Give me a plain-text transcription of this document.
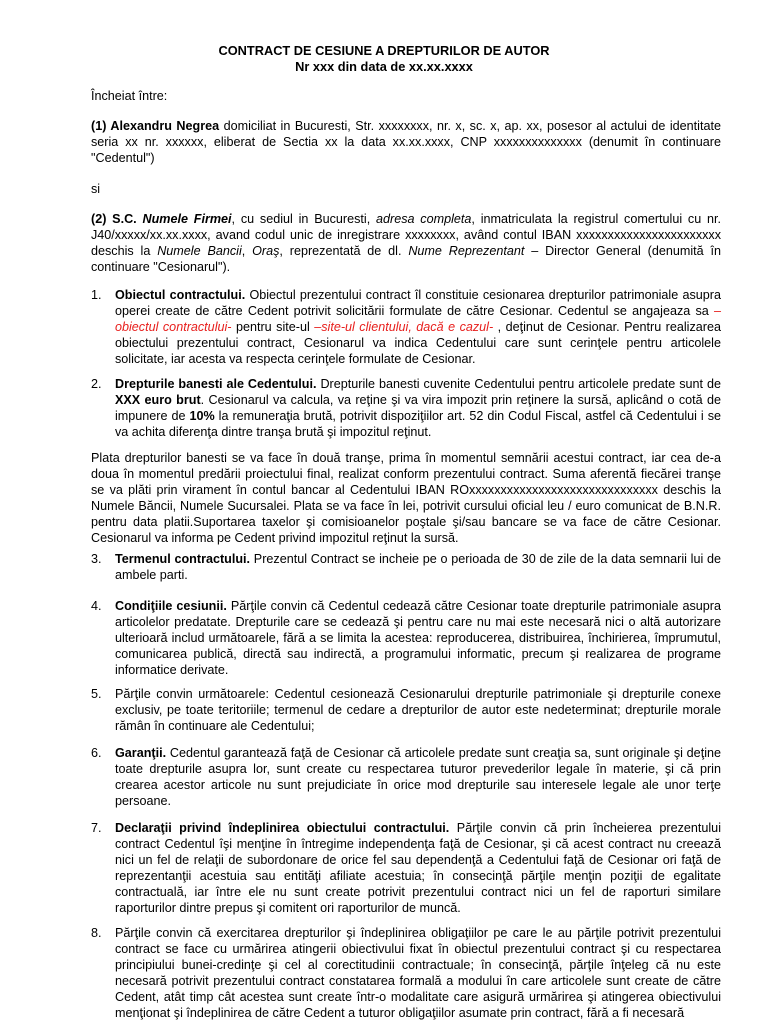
CONTRACT DE CESIUNE A DREPTURILOR DE AUTOR
Nr xxx din data de xx.xx.xxxx

Încheiat între:

(1) Alexandru Negrea domiciliat in Bucuresti, Str. xxxxxxxx, nr. x, sc. x, ap. xx, posesor al actului de identitate seria xx nr. xxxxxx, eliberat de Sectia xx la data xx.xx.xxxx, CNP xxxxxxxxxxxxxx (denumit în continuare "Cedentul")

si

(2) S.C. Numele Firmei, cu sediul in Bucuresti, adresa completa, inmatriculata la registrul comertului cu nr. J40/xxxxx/xx.xx.xxxx, avand codul unic de inregistrare xxxxxxxx, având contul IBAN xxxxxxxxxxxxxxxxxxxxxxx deschis la Numele Bancii, Oraş, reprezentată de dl. Nume Reprezentant – Director General (denumită în continuare "Cesionarul").

1.	Obiectul contractului. Obiectul prezentului contract îl constituie cesionarea drepturilor patrimoniale asupra operei create de către Cedent potrivit solicitării formulate de către Cesionar. Cedentul se angajeaza sa –obiectul contractului- pentru site-ul –site-ul clientului, dacă e cazul- , deţinut de Cesionar. Pentru realizarea obiectului prezentului contract, Cesionarul va indica Cedentului care sunt cerinţele pentru articolele solicitate, iar acesta va respecta cerinţele formulate de Cesionar.
2.	Drepturile banesti ale Cedentului. Drepturile banesti cuvenite Cedentului pentru articolele predate sunt de XXX euro brut. Cesionarul va calcula, va reţine şi va vira impozit prin reţinere la sursă, aplicând o cotă de impunere de 10% la remuneraţia brută, potrivit dispoziţiilor art. 52 din Codul Fiscal, astfel că Cedentului i se va achita diferenţa dintre tranşa brută şi impozitul reţinut.

Plata drepturilor banesti se va face în două tranşe, prima în momentul semnării acestui contract, iar cea de-a doua în momentul predării proiectului final, realizat conform prezentului contract. Suma aferentă fiecărei tranşe se va plăti prin virament în contul bancar al Cedentului IBAN ROxxxxxxxxxxxxxxxxxxxxxxxxxxxxxx deschis la Numele Băncii, Numele Sucursalei. Plata se va face în lei, potrivit cursului oficial leu / euro comunicat de B.N.R. pentru data platii.Suportarea taxelor şi comisioanelor poştale şi/sau bancare se va face de către Cesionar. Cesionarul va informa pe Cedent privind impozitul reţinut la sursă.

3.	Termenul contractului. Prezentul Contract se incheie pe o perioada de 30 de zile de la data semnarii lui de ambele parti.
4.	Condiţiile cesiunii. Părţile convin că Cedentul cedează către Cesionar toate drepturile patrimoniale asupra articolelor predatate. Drepturile care se cedează şi pentru care nu mai este necesară nici o altă autorizare ulterioară includ următoarele, fără a se limita la acestea: reproducerea, distribuirea, închirierea, împrumutul, comunicarea publică, directă sau indirectă, a programului informatic, precum şi realizarea de programe informatice derivate.
5.	Părţile convin următoarele: Cedentul cesionează Cesionarului drepturile patrimoniale şi drepturile conexe exclusiv, pe toate teritoriile; termenul de cedare a drepturilor de autor este nedeterminat; drepturile morale rămân în continuare ale Cedentului;
6.	Garanţii. Cedentul garantează faţă de Cesionar că articolele predate sunt creaţia sa, sunt originale şi deţine toate drepturile asupra lor, sunt create cu respectarea tuturor prevederilor legale în materie, şi că prin crearea acestor articole nu sunt prejudiciate în orice mod drepturile sau interesele legale ale unor terţe persoane.
7.	Declaraţii privind îndeplinirea obiectului contractului. Părţile convin că prin încheierea prezentului contract Cedentul îşi menţine în întregime independenţa faţă de Cesionar, şi că acest contract nu creează nici un fel de relaţii de subordonare de orice fel sau dependenţă a Cedentului faţă de Cesionar ori faţă de reprezentanţii acestuia sau entităţi afiliate acestuia; în consecinţă părţile menţin poziţii de egalitate contractuală, iar între ele nu sunt create potrivit prezentului contract nici un fel de raporturi similare raporturilor dintre prepus şi comitent ori raporturilor de muncă.
8.	Părţile convin că exercitarea drepturilor şi îndeplinirea obligaţiilor pe care le au părţile potrivit prezentului contract se face cu urmărirea atingerii obiectivului fixat în obiectul prezentului contract şi cu respectarea principiului bunei-credinţe şi cel al corectitudinii contractuale; în consecinţă, părţile înţeleg că nu este necesară potrivit prezentului contract constatarea formală a modului în care articolele sunt create de către Cedent, atât timp cât acestea sunt create într-o modalitate care asigură urmărirea şi atingerea obiectivului menţionat şi îndeplinirea de către Cedent a tuturor obligaţiilor asumate prin contract, fără a fi necesară
